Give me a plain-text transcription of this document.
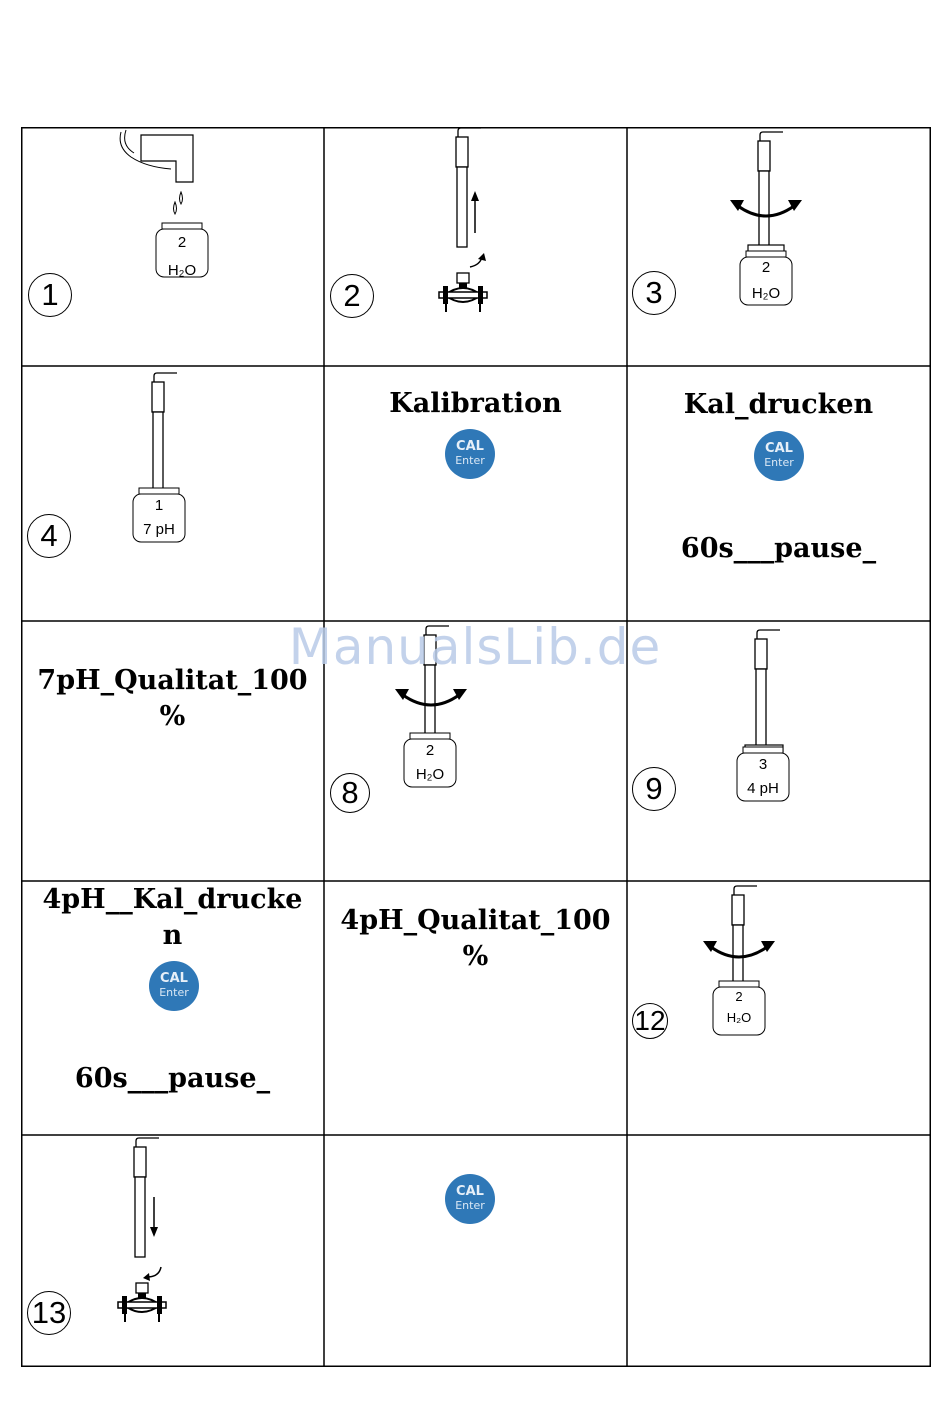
2
H₂O
1	2
2
H₂O
3
1
7 pH
4
Kalibration
CAL
Enter
Kal_drucken
CAL
Enter
60s___pause_
7pH_Qualitat_100
%
2
H₂O
8
3
4 pH
9
4pH__Kal_drucke
n
CAL
Enter
60s___pause_
4pH_Qualitat_100
%
2
H₂O
12
13
CAL
Enter
ManualsLib.de
